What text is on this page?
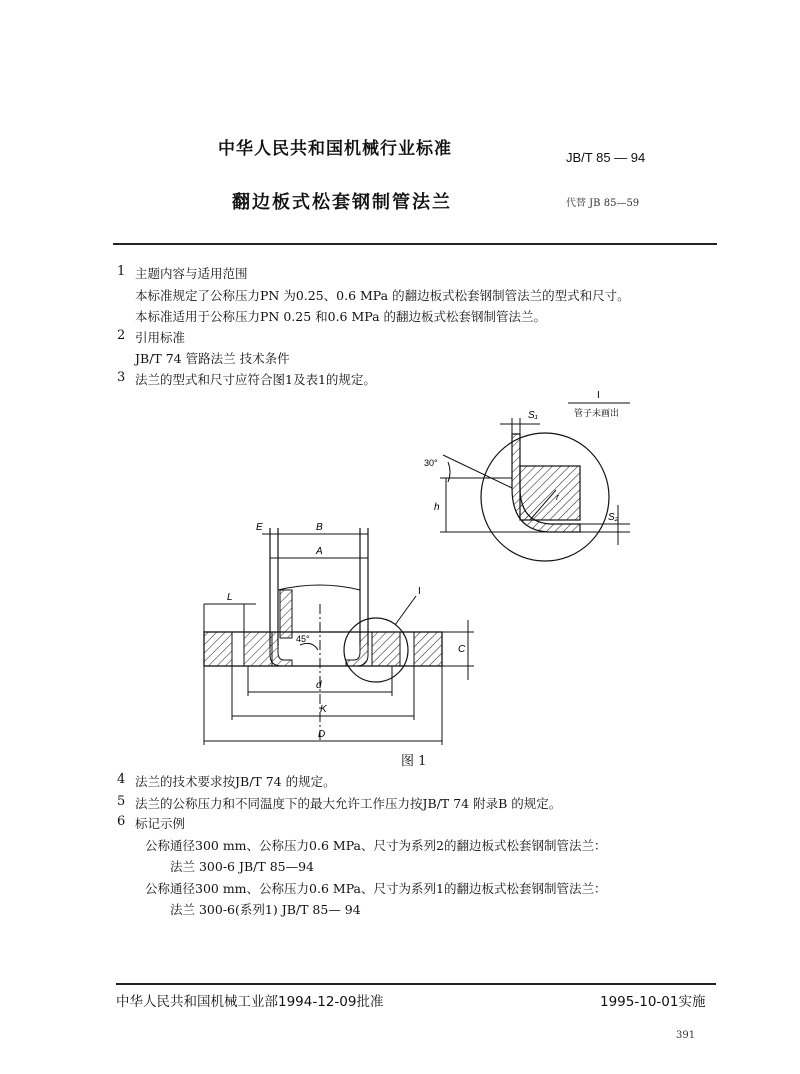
中华人民共和国机械行业标准	JB/T 85 — 94
翻边板式松套钢制管法兰	代替 JB 85—59
1 主题内容与适用范围
本标准规定了公称压力PN 为0.25、0.6 MPa 的翻边板式松套钢制管法兰的型式和尺寸。
本标准适用于公称压力PN 0.25 和0.6 MPa 的翻边板式松套钢制管法兰。
2 引用标准
JB/T 74 管路法兰 技术条件
3 法兰的型式和尺寸应符合图1及表1的规定。
I
管子未画出
S₁
30°
h
S₂
r
E	B
A
L
I
45°
C
d
K
D
图 1
4 法兰的技术要求按JB/T 74 的规定。
5 法兰的公称压力和不同温度下的最大允许工作压力按JB/T 74 附录B 的规定。
6 标记示例
公称通径300 mm、公称压力0.6 MPa、尺寸为系列2的翻边板式松套钢制管法兰：
法兰 300-6 JB/T 85—94
公称通径300 mm、公称压力0.6 MPa、尺寸为系列1的翻边板式松套钢制管法兰：
法兰 300-6(系列1) JB/T 85— 94
中华人民共和国机械工业部1994-12-09批准	1995-10-01实施
391
